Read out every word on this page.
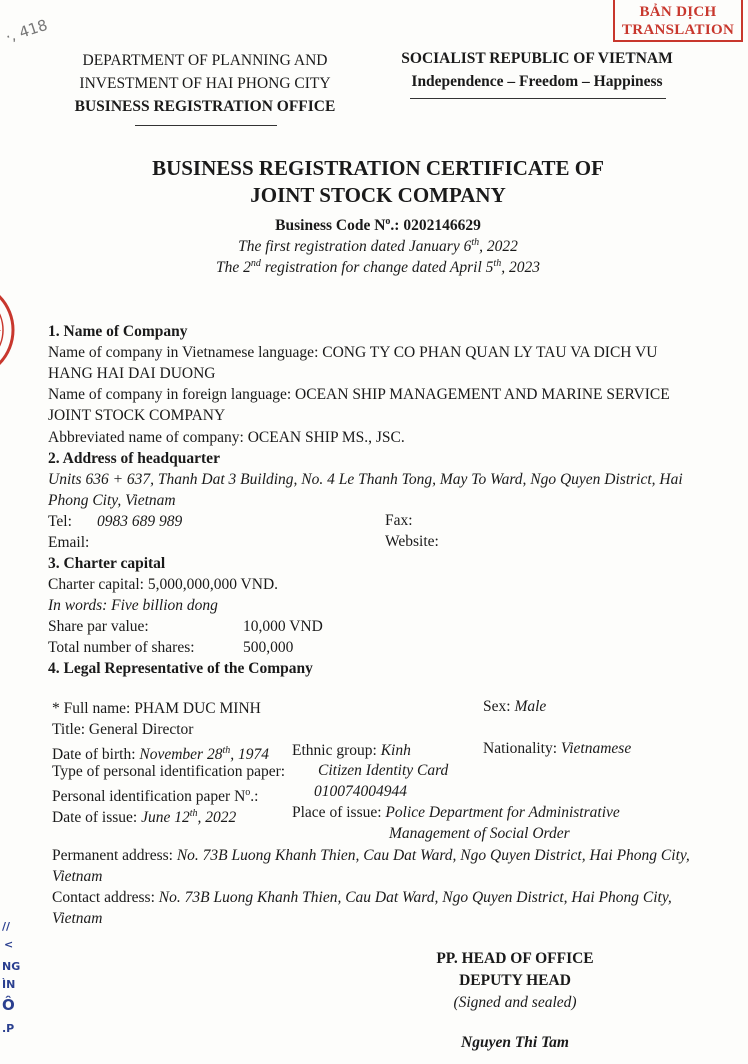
BẢN DỊCH
TRANSLATION
·, 418
//
<
NG
ÌN
Ô
.P
DEPARTMENT OF PLANNING AND
INVESTMENT OF HAI PHONG CITY
BUSINESS REGISTRATION OFFICE
SOCIALIST REPUBLIC OF VIETNAM
Independence – Freedom – Happiness
BUSINESS REGISTRATION CERTIFICATE OF
JOINT STOCK COMPANY
Business Code $N^o$.: 0202146629
The first registration dated January 6th, 2022
The 2nd registration for change dated April 5th, 2023
1. Name of Company
Name of company in Vietnamese language: CONG TY CO PHAN QUAN LY TAU VA DICH VU
HANG HAI DAI DUONG
Name of company in foreign language: OCEAN SHIP MANAGEMENT AND MARINE SERVICE
JOINT STOCK COMPANY
Abbreviated name of company: OCEAN SHIP MS., JSC.
2. Address of headquarter
Units 636 + 637, Thanh Dat 3 Building, No. 4 Le Thanh Tong, May To Ward, Ngo Quyen District, Hai
Phong City, Vietnam
Tel: 0983 689 989	Fax:
Email:	Website:
3. Charter capital
Charter capital: 5,000,000,000 VND.
In words: Five billion dong
Share par value:	10,000 VND
Total number of shares:	500,000
4. Legal Representative of the Company
* Full name: PHAM DUC MINH	Sex: Male
Title: General Director
Date of birth: November 28th, 1974 Ethnic group: Kinh	Nationality: Vietnamese
Type of personal identification paper: Citizen Identity Card
Personal identification paper $N^o$.:	010074004944
Date of issue: June 12th, 2022	Place of issue: Police Department for Administrative
Management of Social Order
Permanent address: No. 73B Luong Khanh Thien, Cau Dat Ward, Ngo Quyen District, Hai Phong City,
Vietnam
Contact address: No. 73B Luong Khanh Thien, Cau Dat Ward, Ngo Quyen District, Hai Phong City,
Vietnam
PP. HEAD OF OFFICE
DEPUTY HEAD
(Signed and sealed)
Nguyen Thi Tam
